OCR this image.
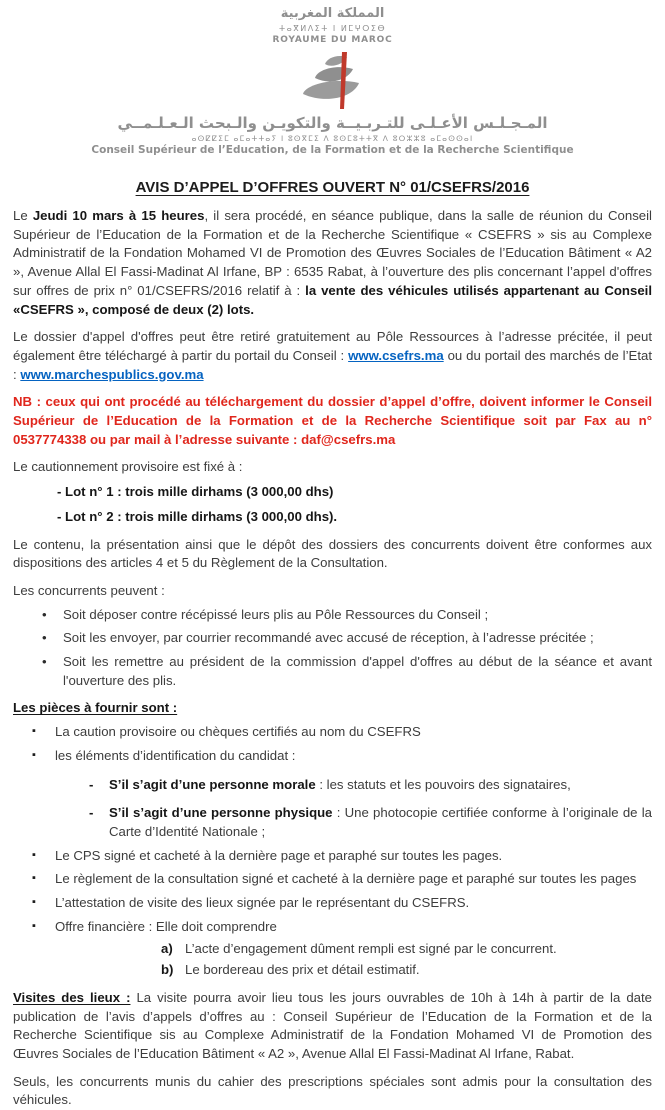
المملكة المغربية
ⵜⴰⴳⵍⴷⵉⵜ ⵏ ⵍⵎⵖⵔⵉⴱ
ROYAUME DU MAROC
المـجـلـس الأعـلـى للتـربـيــة والتكويـن والـبحث الـعـلـمــي
ⴰⵙⵇⵇⵉⵎ ⴰⵎⴰⵜⵜⴰⵢ ⵏ ⵓⵙⴳⵎⵉ ⴷ ⵓⵙⵎⵓⵜⵜⴳ ⴷ ⵓⵔⵣⵣⵓ ⴰⵎⴰⵙⵙⴰⵏ
Conseil Supérieur de l’Education, de la Formation et de la Recherche Scientifique
AVIS D’APPEL D’OFFRES OUVERT N° 01/CSEFRS/2016

Le Jeudi 10 mars à 15 heures, il sera procédé, en séance publique, dans la salle de réunion du Conseil Supérieur de l’Education de la Formation et de la Recherche Scientifique « CSEFRS » sis au Complexe Administratif de la Fondation Mohamed VI de Promotion des Œuvres Sociales de l’Education Bâtiment « A2 », Avenue Allal El Fassi-Madinat Al Irfane, BP : 6535 Rabat, à l’ouverture des plis concernant l’appel d'offres sur offres de prix n° 01/CSEFRS/2016 relatif à : la vente des véhicules utilisés appartenant au Conseil «CSEFRS », composé de deux (2) lots.

Le dossier d'appel d'offres peut être retiré gratuitement au Pôle Ressources à l’adresse précitée, il peut également être téléchargé à partir du portail du Conseil : www.csefrs.ma ou du portail des marchés de l’Etat : www.marchespublics.gov.ma

NB : ceux qui ont procédé au téléchargement du dossier d’appel d’offre, doivent informer le Conseil Supérieur de l’Education de la Formation et de la Recherche Scientifique soit par Fax au n° 0537774338 ou par mail à l’adresse suivante : daf@csefrs.ma

Le cautionnement provisoire est fixé à :

- Lot n° 1 : trois mille dirhams (3 000,00 dhs)
- Lot n° 2 : trois mille dirhams (3 000,00 dhs).

Le contenu, la présentation ainsi que le dépôt des dossiers des concurrents doivent être conformes aux dispositions des articles 4 et 5 du Règlement de la Consultation.

Les concurrents peuvent :

• Soit déposer contre récépissé leurs plis au Pôle Ressources du Conseil ;
• Soit les envoyer, par courrier recommandé avec accusé de réception, à l’adresse précitée ;
• Soit les remettre au président de la commission d'appel d'offres au début de la séance et avant l'ouverture des plis.

Les pièces à fournir sont :

▪ La caution provisoire ou chèques certifiés au nom du CSEFRS
▪ les éléments d’identification du candidat :
- S’il s’agit d’une personne morale : les statuts et les pouvoirs des signataires,
- S’il s’agit d’une personne physique : Une photocopie certifiée conforme à l’originale de la Carte d’Identité Nationale ;
▪ Le CPS signé et cacheté à la dernière page et paraphé sur toutes les pages.
▪ Le règlement de la consultation signé et cacheté à la dernière page et paraphé sur toutes les pages
▪ L’attestation de visite des lieux signée par le représentant du CSEFRS.
▪ Offre financière : Elle doit comprendre
a) L’acte d’engagement dûment rempli est signé par le concurrent.
b) Le bordereau des prix et détail estimatif.

Visites des lieux : La visite pourra avoir lieu tous les jours ouvrables de 10h à 14h à partir de la date publication de l’avis d’appels d’offres au : Conseil Supérieur de l’Education de la Formation et de la Recherche Scientifique sis au Complexe Administratif de la Fondation Mohamed VI de Promotion des Œuvres Sociales de l’Education Bâtiment « A2 », Avenue Allal El Fassi-Madinat Al Irfane, Rabat.

Seuls, les concurrents munis du cahier des prescriptions spéciales sont admis pour la consultation des véhicules.
